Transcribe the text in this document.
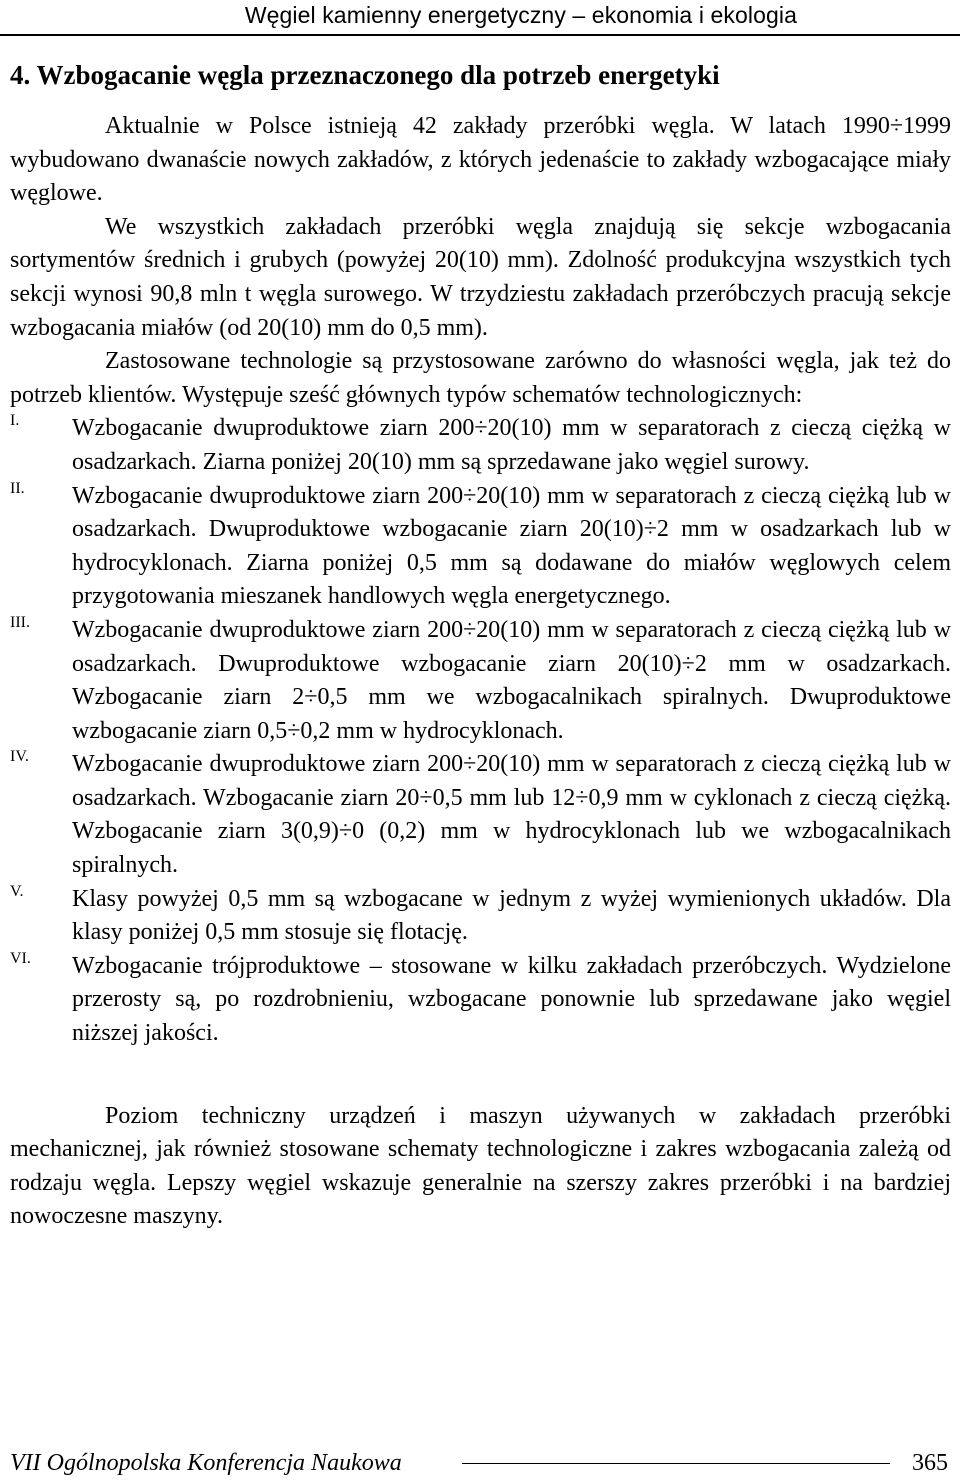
Węgiel kamienny energetyczny – ekonomia i ekologia
4. Wzbogacanie węgla przeznaczonego dla potrzeb energetyki

Aktualnie w Polsce istnieją 42 zakłady przeróbki węgla. W latach 1990÷1999 wybudowano dwanaście nowych zakładów, z których jedenaście to zakłady wzbogacające miały węglowe.

We wszystkich zakładach przeróbki węgla znajdują się sekcje wzbogacania sortymentów średnich i grubych (powyżej 20(10) mm). Zdolność produkcyjna wszystkich tych sekcji wynosi 90,8 mln t węgla surowego. W trzydziestu zakładach przeróbczych pracują sekcje wzbogacania miałów (od 20(10) mm do 0,5 mm).

Zastosowane technologie są przystosowane zarówno do własności węgla, jak też do potrzeb klientów. Występuje sześć głównych typów schematów technologicznych:

I. Wzbogacanie dwuproduktowe ziarn 200÷20(10) mm w separatorach z cieczą ciężką w osadzarkach. Ziarna poniżej 20(10) mm są sprzedawane jako węgiel surowy.

II. Wzbogacanie dwuproduktowe ziarn 200÷20(10) mm w separatorach z cieczą ciężką lub w osadzarkach. Dwuproduktowe wzbogacanie ziarn 20(10)÷2 mm w osadzarkach lub w hydrocyklonach. Ziarna poniżej 0,5 mm są dodawane do miałów węglowych celem przygotowania mieszanek handlowych węgla energetycznego.

III. Wzbogacanie dwuproduktowe ziarn 200÷20(10) mm w separatorach z cieczą ciężką lub w osadzarkach. Dwuproduktowe wzbogacanie ziarn 20(10)÷2 mm w osadzarkach. Wzbogacanie ziarn 2÷0,5 mm we wzbogacalnikach spiralnych. Dwuproduktowe wzbogacanie ziarn 0,5÷0,2 mm w hydrocyklonach.

IV. Wzbogacanie dwuproduktowe ziarn 200÷20(10) mm w separatorach z cieczą ciężką lub w osadzarkach. Wzbogacanie ziarn 20÷0,5 mm lub 12÷0,9 mm w cyklonach z cieczą ciężką. Wzbogacanie ziarn 3(0,9)÷0 (0,2) mm w hydrocyklonach lub we wzbogacalnikach spiralnych.

V. Klasy powyżej 0,5 mm są wzbogacane w jednym z wyżej wymienionych układów. Dla klasy poniżej 0,5 mm stosuje się flotację.

VI. Wzbogacanie trójproduktowe – stosowane w kilku zakładach przeróbczych. Wydzielone przerosty są, po rozdrobnieniu, wzbogacane ponownie lub sprzedawane jako węgiel niższej jakości.

Poziom techniczny urządzeń i maszyn używanych w zakładach przeróbki mechanicznej, jak również stosowane schematy technologiczne i zakres wzbogacania zależą od rodzaju węgla. Lepszy węgiel wskazuje generalnie na szerszy zakres przeróbki i na bardziej nowoczesne maszyny.

VII Ogólnopolska Konferencja Naukowa	365
